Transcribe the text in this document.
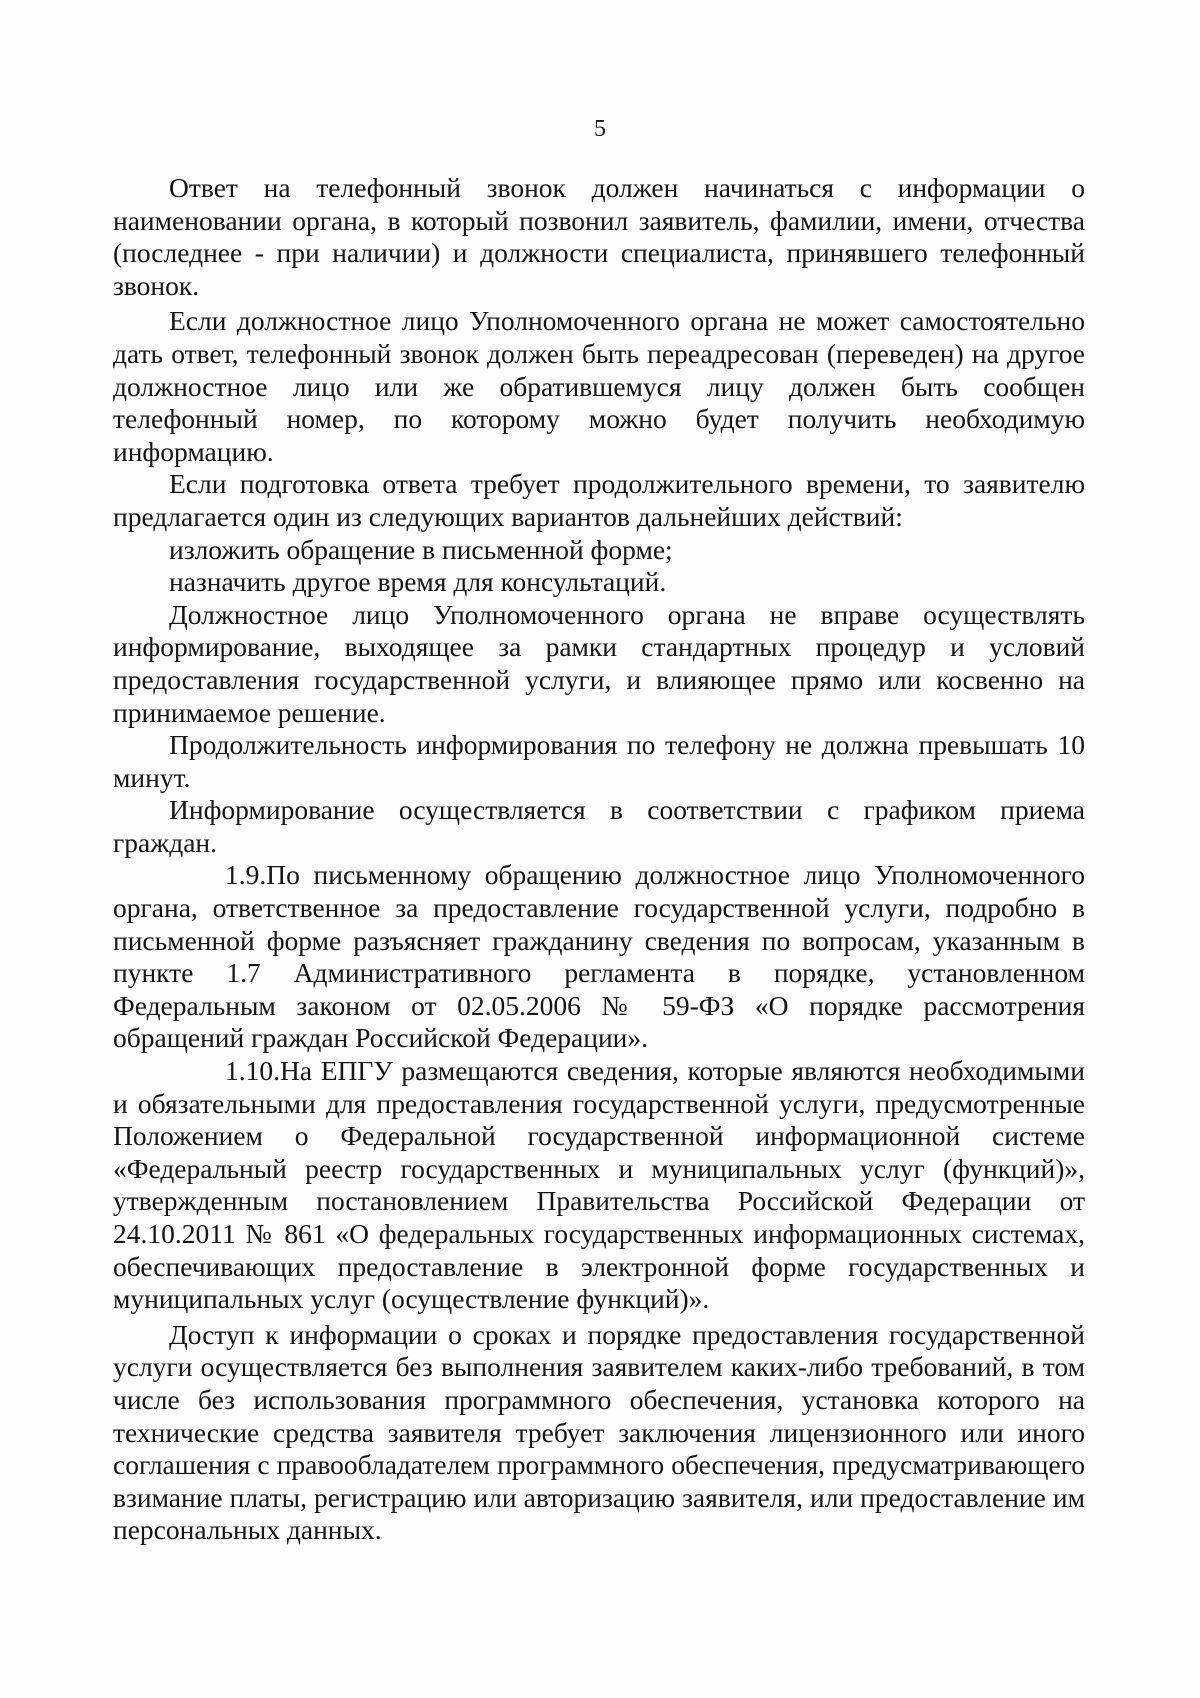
5

Ответ на телефонный звонок должен начинаться с информации о наименовании органа, в который позвонил заявитель, фамилии, имени, отчества (последнее - при наличии) и должности специалиста, принявшего телефонный звонок.

Если должностное лицо Уполномоченного органа не может самостоятельно дать ответ, телефонный звонок должен быть переадресован (переведен) на другое должностное лицо или же обратившемуся лицу должен быть сообщен телефонный номер, по которому можно будет получить необходимую информацию.

Если подготовка ответа требует продолжительного времени, то заявителю предлагается один из следующих вариантов дальнейших действий:

изложить обращение в письменной форме;

назначить другое время для консультаций.

Должностное лицо Уполномоченного органа не вправе осуществлять информирование, выходящее за рамки стандартных процедур и условий предоставления государственной услуги, и влияющее прямо или косвенно на принимаемое решение.

Продолжительность информирования по телефону не должна превышать 10 минут.

Информирование осуществляется в соответствии с графиком приема граждан.

1.9.По письменному обращению должностное лицо Уполномоченного органа, ответственное за предоставление государственной услуги, подробно в письменной форме разъясняет гражданину сведения по вопросам, указанным в пункте 1.7 Административного регламента в порядке, установленном Федеральным законом от 02.05.2006 № 59-ФЗ «О порядке рассмотрения обращений граждан Российской Федерации».

1.10.На ЕПГУ размещаются сведения, которые являются необходимыми и обязательными для предоставления государственной услуги, предусмотренные Положением о Федеральной государственной информационной системе «Федеральный реестр государственных и муниципальных услуг (функций)», утвержденным постановлением Правительства Российской Федерации от 24.10.2011 № 861 «О федеральных государственных информационных системах, обеспечивающих предоставление в электронной форме государственных и муниципальных услуг (осуществление функций)».

Доступ к информации о сроках и порядке предоставления государственной услуги осуществляется без выполнения заявителем каких-либо требований, в том числе без использования программного обеспечения, установка которого на технические средства заявителя требует заключения лицензионного или иного соглашения с правообладателем программного обеспечения, предусматривающего взимание платы, регистрацию или авторизацию заявителя, или предоставление им персональных данных.
